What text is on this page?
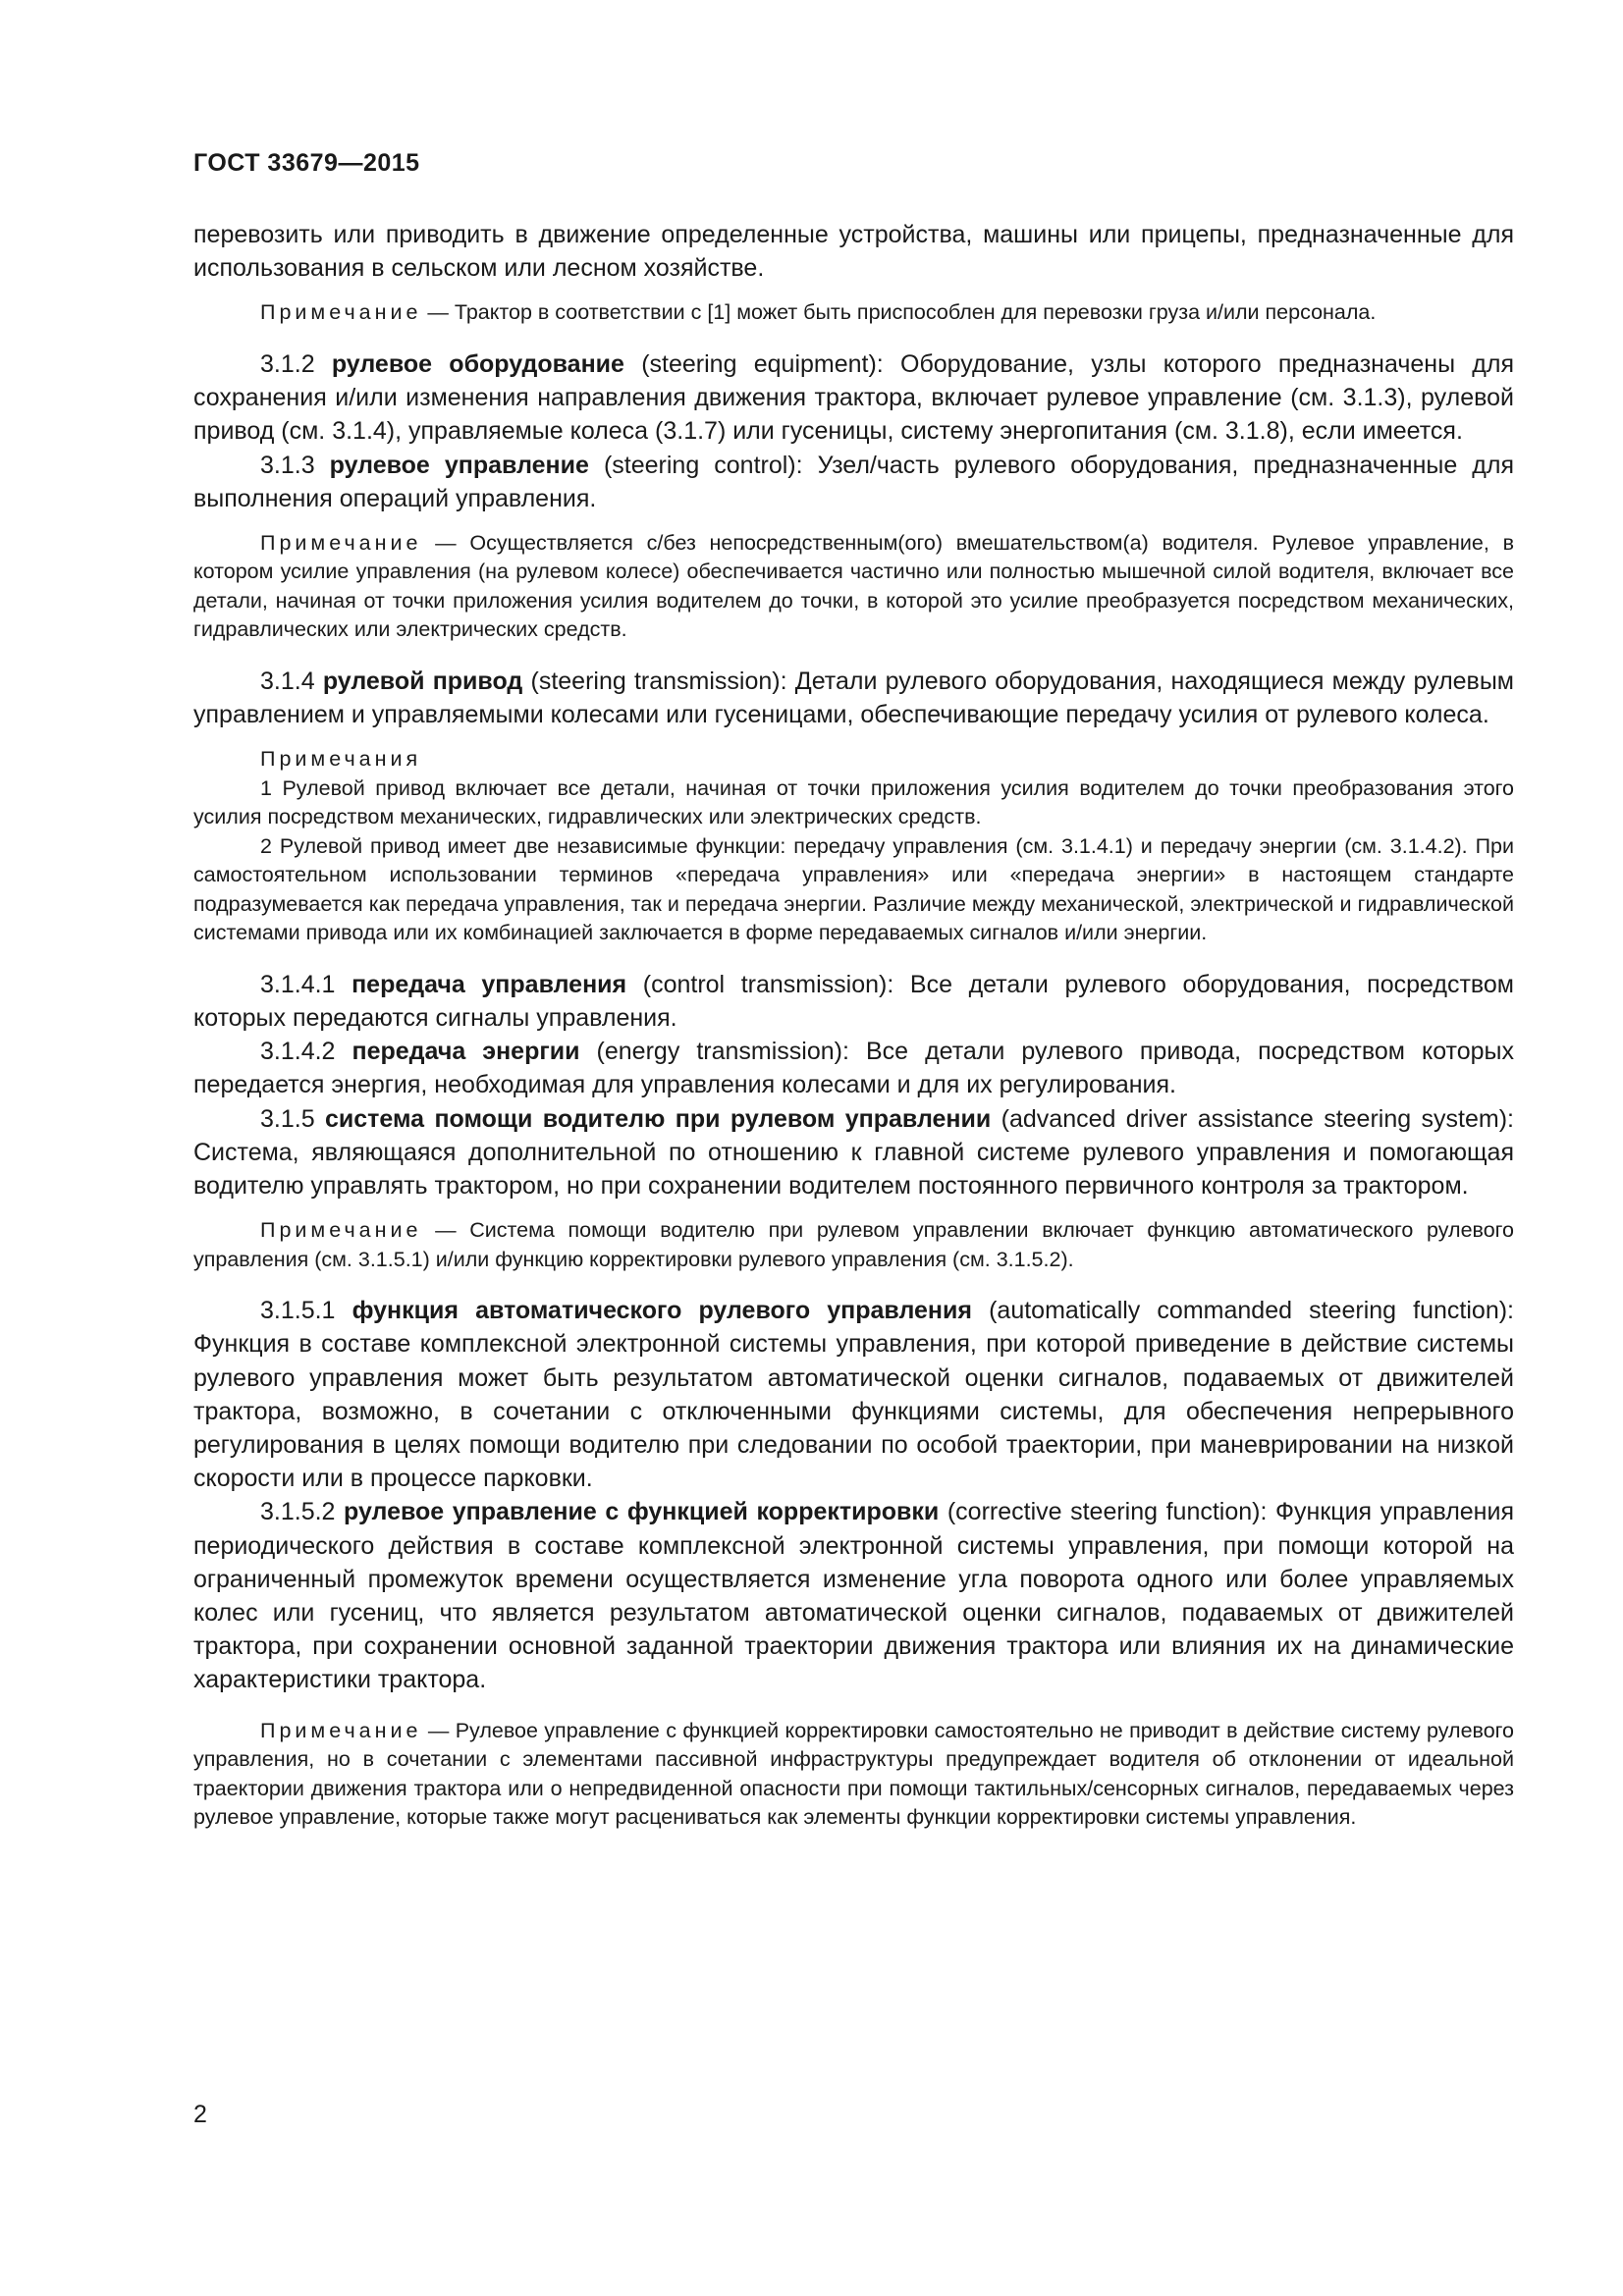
ГОСТ 33679—2015

перевозить или приводить в движение определенные устройства, машины или прицепы, предназначенные для использования в сельском или лесном хозяйстве.

Примечание — Трактор в соответствии с [1] может быть приспособлен для перевозки груза и/или персонала.

3.1.2 рулевое оборудование (steering equipment): Оборудование, узлы которого предназначены для сохранения и/или изменения направления движения трактора, включает рулевое управление (см. 3.1.3), рулевой привод (см. 3.1.4), управляемые колеса (3.1.7) или гусеницы, систему энергопитания (см. 3.1.8), если имеется.

3.1.3 рулевое управление (steering control): Узел/часть рулевого оборудования, предназначенные для выполнения операций управления.

Примечание — Осуществляется с/без непосредственным(ого) вмешательством(а) водителя. Рулевое управление, в котором усилие управления (на рулевом колесе) обеспечивается частично или полностью мышечной силой водителя, включает все детали, начиная от точки приложения усилия водителем до точки, в которой это усилие преобразуется посредством механических, гидравлических или электрических средств.

3.1.4 рулевой привод (steering transmission): Детали рулевого оборудования, находящиеся между рулевым управлением и управляемыми колесами или гусеницами, обеспечивающие передачу усилия от рулевого колеса.

Примечания

1 Рулевой привод включает все детали, начиная от точки приложения усилия водителем до точки преобразования этого усилия посредством механических, гидравлических или электрических средств.

2 Рулевой привод имеет две независимые функции: передачу управления (см. 3.1.4.1) и передачу энергии (см. 3.1.4.2). При самостоятельном использовании терминов «передача управления» или «передача энергии» в настоящем стандарте подразумевается как передача управления, так и передача энергии. Различие между механической, электрической и гидравлической системами привода или их комбинацией заключается в форме передаваемых сигналов и/или энергии.

3.1.4.1 передача управления (control transmission): Все детали рулевого оборудования, посредством которых передаются сигналы управления.

3.1.4.2 передача энергии (energy transmission): Все детали рулевого привода, посредством которых передается энергия, необходимая для управления колесами и для их регулирования.

3.1.5 система помощи водителю при рулевом управлении (advanced driver assistance steering system): Система, являющаяся дополнительной по отношению к главной системе рулевого управления и помогающая водителю управлять трактором, но при сохранении водителем постоянного первичного контроля за трактором.

Примечание — Система помощи водителю при рулевом управлении включает функцию автоматического рулевого управления (см. 3.1.5.1) и/или функцию корректировки рулевого управления (см. 3.1.5.2).

3.1.5.1 функция автоматического рулевого управления (automatically commanded steering function): Функция в составе комплексной электронной системы управления, при которой приведение в действие системы рулевого управления может быть результатом автоматической оценки сигналов, подаваемых от движителей трактора, возможно, в сочетании с отключенными функциями системы, для обеспечения непрерывного регулирования в целях помощи водителю при следовании по особой траектории, при маневрировании на низкой скорости или в процессе парковки.

3.1.5.2 рулевое управление с функцией корректировки (corrective steering function): Функция управления периодического действия в составе комплексной электронной системы управления, при помощи которой на ограниченный промежуток времени осуществляется изменение угла поворота одного или более управляемых колес или гусениц, что является результатом автоматической оценки сигналов, подаваемых от движителей трактора, при сохранении основной заданной траектории движения трактора или влияния их на динамические характеристики трактора.

Примечание — Рулевое управление с функцией корректировки самостоятельно не приводит в действие систему рулевого управления, но в сочетании с элементами пассивной инфраструктуры предупреждает водителя об отклонении от идеальной траектории движения трактора или о непредвиденной опасности при помощи тактильных/сенсорных сигналов, передаваемых через рулевое управление, которые также могут расцениваться как элементы функции корректировки системы управления.

2
